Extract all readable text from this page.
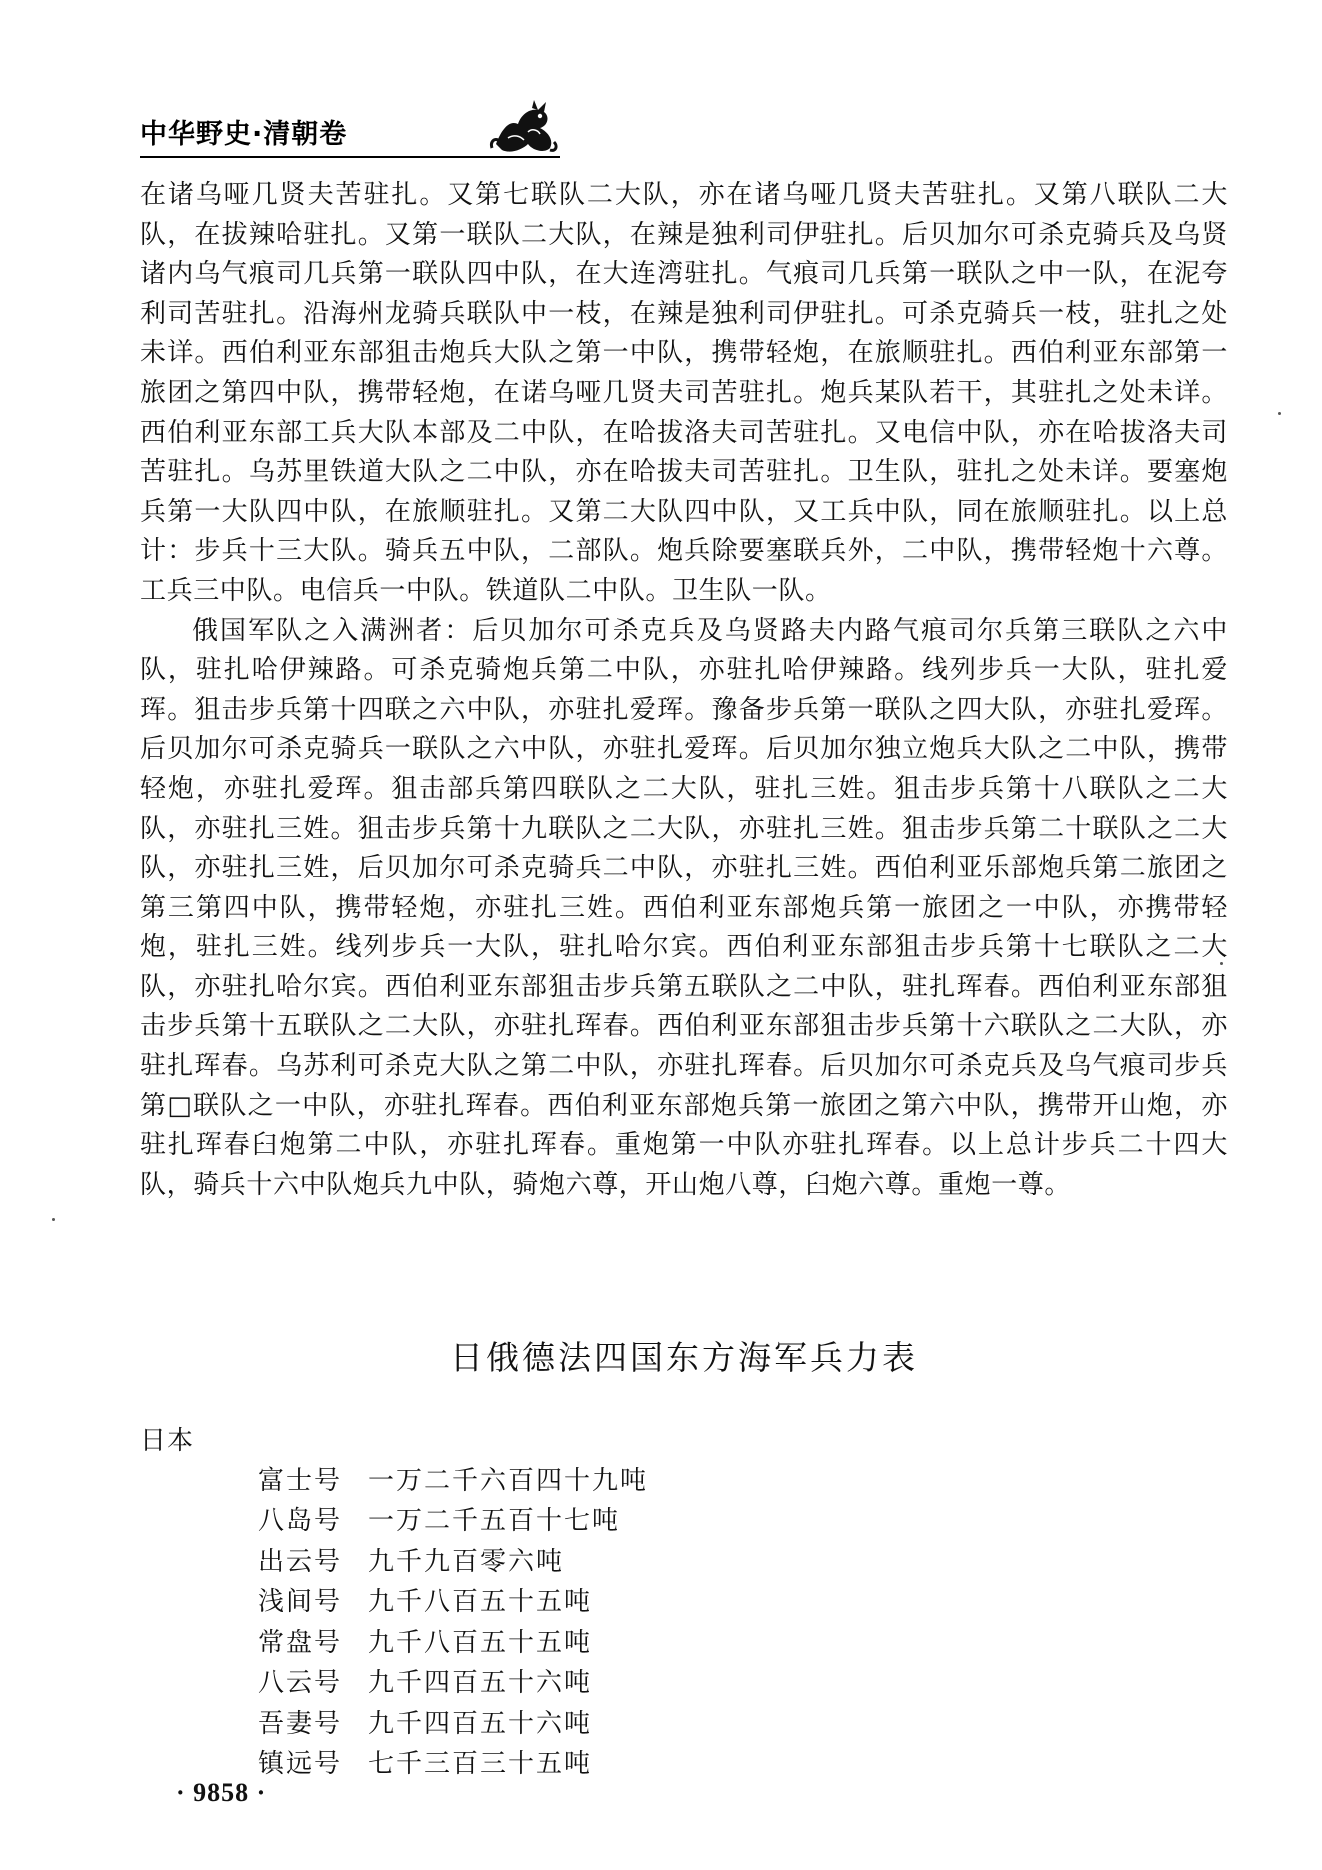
中华野史·清朝卷

在诸乌哑几贤夫苦驻扎。又第七联队二大队，亦在诸乌哑几贤夫苦驻扎。又第八联队二大队，在拔辣哈驻扎。又第一联队二大队，在辣是独利司伊驻扎。后贝加尔可杀克骑兵及乌贤诸内乌气痕司几兵第一联队四中队，在大连湾驻扎。气痕司几兵第一联队之中一队，在泥夸利司苦驻扎。沿海州龙骑兵联队中一枝，在辣是独利司伊驻扎。可杀克骑兵一枝，驻扎之处未详。西伯利亚东部狙击炮兵大队之第一中队，携带轻炮，在旅顺驻扎。西伯利亚东部第一旅团之第四中队，携带轻炮，在诺乌哑几贤夫司苦驻扎。炮兵某队若干，其驻扎之处未详。西伯利亚东部工兵大队本部及二中队，在哈拔洛夫司苦驻扎。又电信中队，亦在哈拔洛夫司苦驻扎。乌苏里铁道大队之二中队，亦在哈拔夫司苦驻扎。卫生队，驻扎之处未详。要塞炮兵第一大队四中队，在旅顺驻扎。又第二大队四中队，又工兵中队，同在旅顺驻扎。以上总计：步兵十三大队。骑兵五中队，二部队。炮兵除要塞联兵外，二中队，携带轻炮十六尊。工兵三中队。电信兵一中队。铁道队二中队。卫生队一队。

俄国军队之入满洲者：后贝加尔可杀克兵及乌贤路夫内路气痕司尔兵第三联队之六中队，驻扎哈伊辣路。可杀克骑炮兵第二中队，亦驻扎哈伊辣路。线列步兵一大队，驻扎爱珲。狙击步兵第十四联之六中队，亦驻扎爱珲。豫备步兵第一联队之四大队，亦驻扎爱珲。后贝加尔可杀克骑兵一联队之六中队，亦驻扎爱珲。后贝加尔独立炮兵大队之二中队，携带轻炮，亦驻扎爱珲。狙击部兵第四联队之二大队，驻扎三姓。狙击步兵第十八联队之二大队，亦驻扎三姓。狙击步兵第十九联队之二大队，亦驻扎三姓。狙击步兵第二十联队之二大队，亦驻扎三姓，后贝加尔可杀克骑兵二中队，亦驻扎三姓。西伯利亚乐部炮兵第二旅团之第三第四中队，携带轻炮，亦驻扎三姓。西伯利亚东部炮兵第一旅团之一中队，亦携带轻炮，驻扎三姓。线列步兵一大队，驻扎哈尔宾。西伯利亚东部狙击步兵第十七联队之二大队，亦驻扎哈尔宾。西伯利亚东部狙击步兵第五联队之二中队，驻扎珲春。西伯利亚东部狙击步兵第十五联队之二大队，亦驻扎珲春。西伯利亚东部狙击步兵第十六联队之二大队，亦驻扎珲春。乌苏利可杀克大队之第二中队，亦驻扎珲春。后贝加尔可杀克兵及乌气痕司步兵第□联队之一中队，亦驻扎珲春。西伯利亚东部炮兵第一旅团之第六中队，携带开山炮，亦驻扎珲春臼炮第二中队，亦驻扎珲春。重炮第一中队亦驻扎珲春。以上总计步兵二十四大队，骑兵十六中队炮兵九中队，骑炮六尊，开山炮八尊，臼炮六尊。重炮一尊。

日俄德法四国东方海军兵力表
日本
富士号 一万二千六百四十九吨
八岛号 一万二千五百十七吨
出云号 九千九百零六吨
浅间号 九千八百五十五吨
常盘号 九千八百五十五吨
八云号 九千四百五十六吨
吾妻号 九千四百五十六吨
镇远号 七千三百三十五吨
· 9858 ·
